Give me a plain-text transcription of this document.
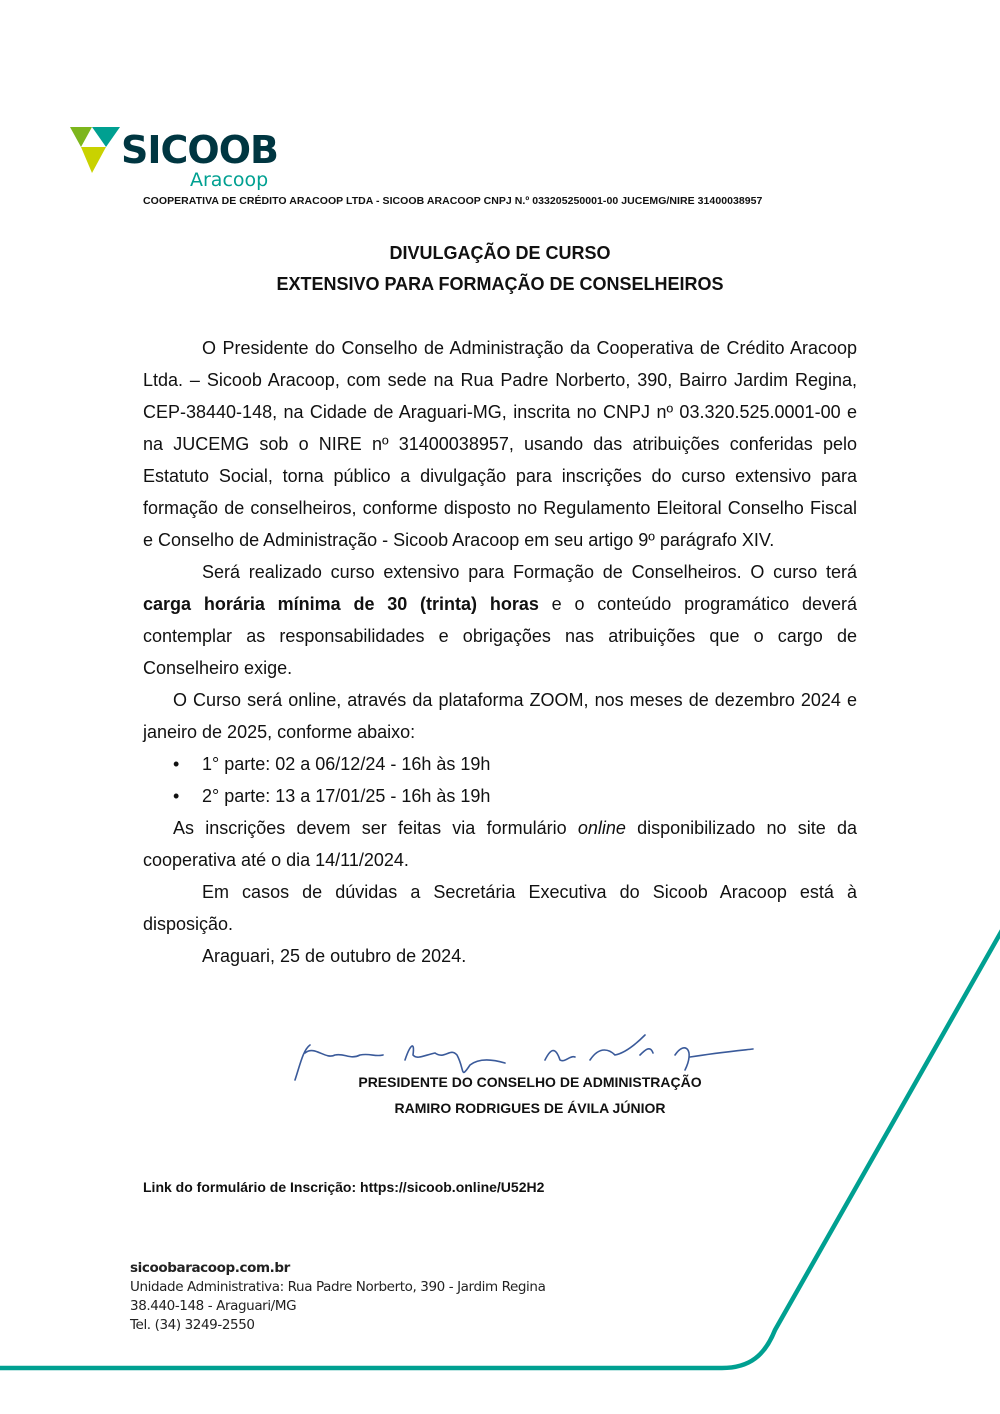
SICOOB
Aracoop
COOPERATIVA DE CRÉDITO ARACOOP LTDA - SICOOB ARACOOP CNPJ N.º 033205250001-00 JUCEMG/NIRE 31400038957
DIVULGAÇÃO DE CURSO
EXTENSIVO PARA FORMAÇÃO DE CONSELHEIROS

O Presidente do Conselho de Administração da Cooperativa de Crédito Aracoop Ltda. – Sicoob Aracoop, com sede na Rua Padre Norberto, 390, Bairro Jardim Regina, CEP-38440-148, na Cidade de Araguari-MG, inscrita no CNPJ nº 03.320.525.0001-00 e na JUCEMG sob o NIRE nº 31400038957, usando das atribuições conferidas pelo Estatuto Social, torna público a divulgação para inscrições do curso extensivo para formação de conselheiros, conforme disposto no Regulamento Eleitoral Conselho Fiscal e Conselho de Administração - Sicoob Aracoop em seu artigo 9º parágrafo XIV.

Será realizado curso extensivo para Formação de Conselheiros. O curso terá carga horária mínima de 30 (trinta) horas e o conteúdo programático deverá contemplar as responsabilidades e obrigações nas atribuições que o cargo de Conselheiro exige.

O Curso será online, através da plataforma ZOOM, nos meses de dezembro 2024 e janeiro de 2025, conforme abaixo:

• 1° parte: 02 a 06/12/24 - 16h às 19h
• 2° parte: 13 a 17/01/25 - 16h às 19h

As inscrições devem ser feitas via formulário online disponibilizado no site da cooperativa até o dia 14/11/2024.

Em casos de dúvidas a Secretária Executiva do Sicoob Aracoop está à disposição.

Araguari, 25 de outubro de 2024.

PRESIDENTE DO CONSELHO DE ADMINISTRAÇÃO
RAMIRO RODRIGUES DE ÁVILA JÚNIOR
Link do formulário de Inscrição: https://sicoob.online/U52H2
sicoobaracoop.com.br
Unidade Administrativa: Rua Padre Norberto, 390 - Jardim Regina
38.440-148 - Araguari/MG
Tel. (34) 3249-2550
